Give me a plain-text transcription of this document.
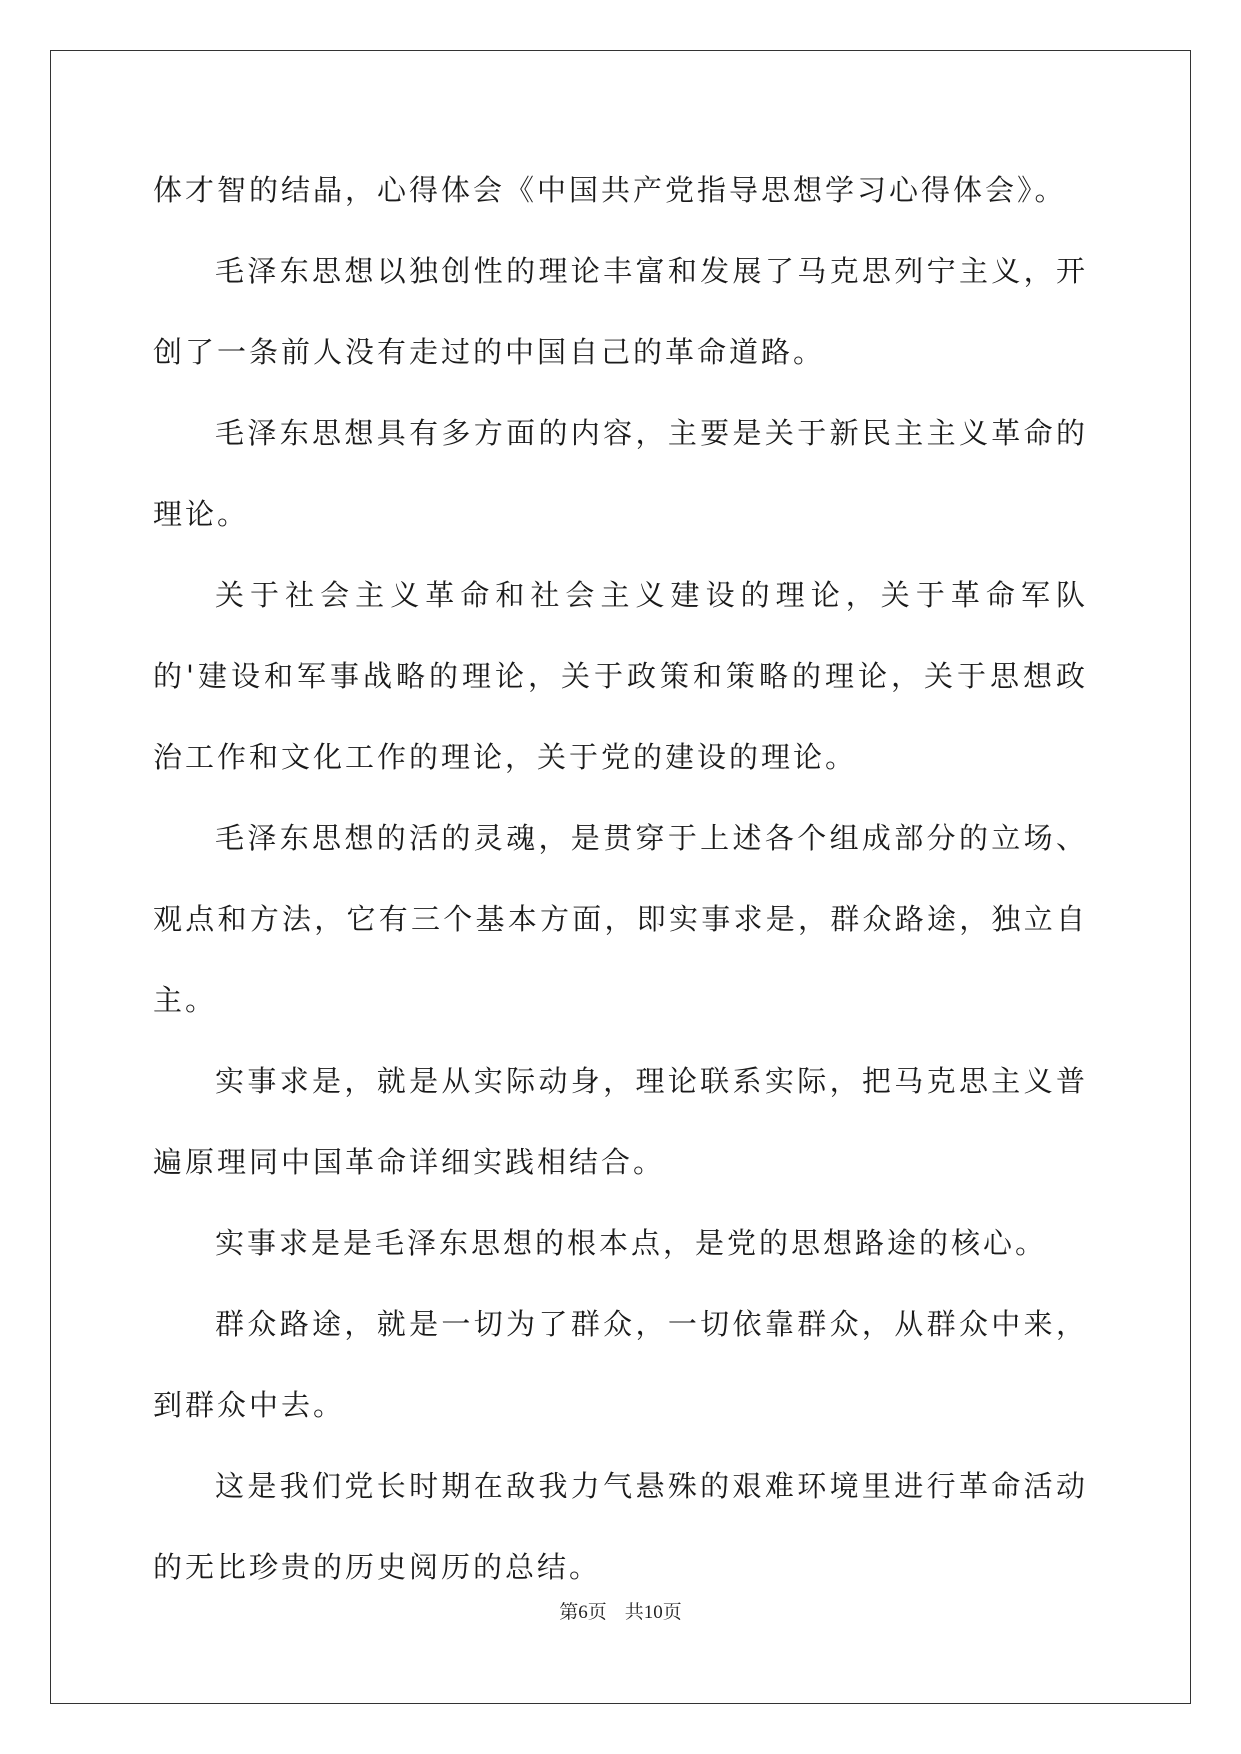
体才智的结晶，心得体会《中国共产党指导思想学习心得体会》。

毛泽东思想以独创性的理论丰富和发展了马克思列宁主义，开创了一条前人没有走过的中国自己的革命道路。

毛泽东思想具有多方面的内容，主要是关于新民主主义革命的理论。

关于社会主义革命和社会主义建设的理论，关于革命军队的'建设和军事战略的理论，关于政策和策略的理论，关于思想政治工作和文化工作的理论，关于党的建设的理论。

毛泽东思想的活的灵魂，是贯穿于上述各个组成部分的立场、观点和方法，它有三个基本方面，即实事求是，群众路途，独立自主。

实事求是，就是从实际动身，理论联系实际，把马克思主义普遍原理同中国革命详细实践相结合。

实事求是是毛泽东思想的根本点，是党的思想路途的核心。

群众路途，就是一切为了群众，一切依靠群众，从群众中来，到群众中去。

这是我们党长时期在敌我力气悬殊的艰难环境里进行革命活动的无比珍贵的历史阅历的总结。

第6页 共10页
